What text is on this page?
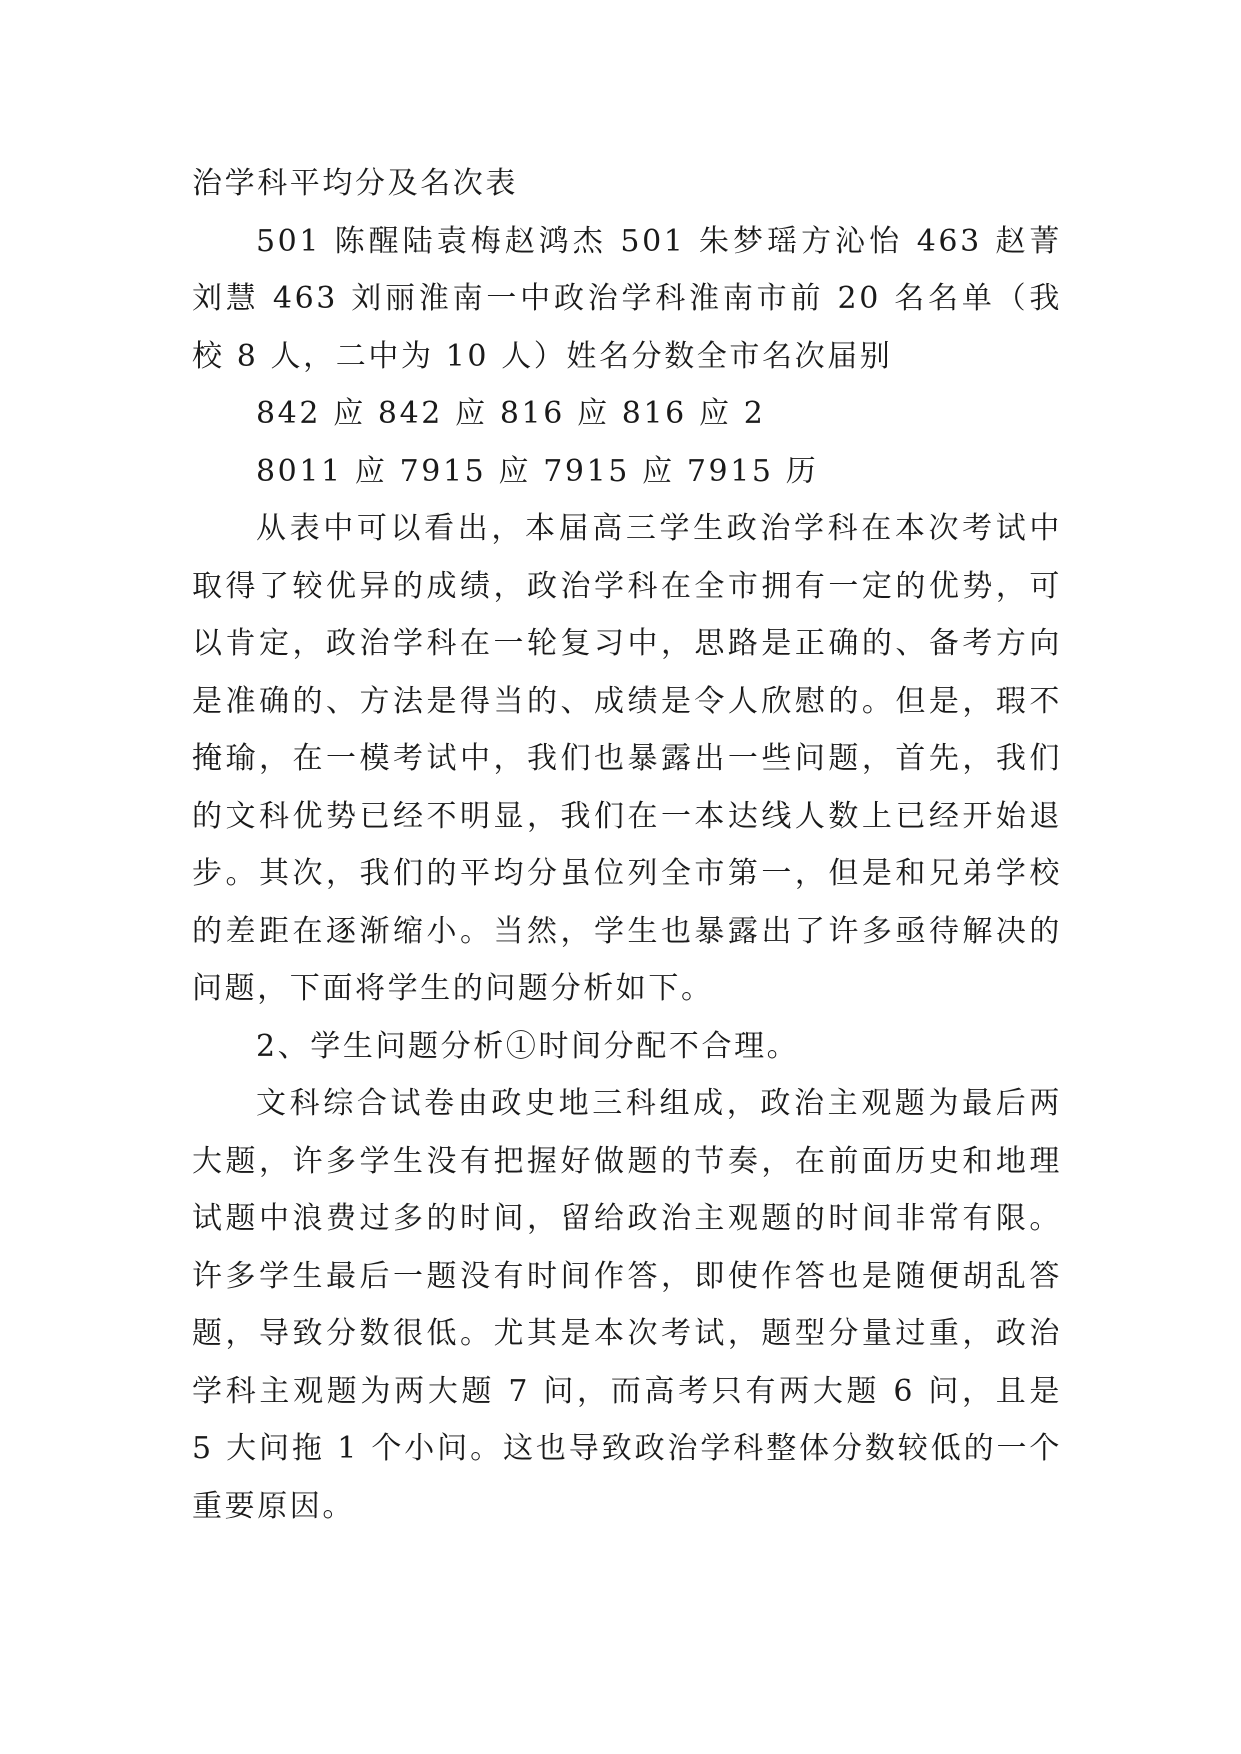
治学科平均分及名次表

501 陈醒陆袁梅赵鸿杰 501 朱梦瑶方沁怡 463 赵菁刘慧 463 刘丽淮南一中政治学科淮南市前 20 名名单（我校 8 人，二中为 10 人）姓名分数全市名次届别

842 应 842 应 816 应 816 应 2

8011 应 7915 应 7915 应 7915 历

从表中可以看出，本届高三学生政治学科在本次考试中取得了较优异的成绩，政治学科在全市拥有一定的优势，可以肯定，政治学科在一轮复习中，思路是正确的、备考方向是准确的、方法是得当的、成绩是令人欣慰的。但是，瑕不掩瑜，在一模考试中，我们也暴露出一些问题，首先，我们的文科优势已经不明显，我们在一本达线人数上已经开始退步。其次，我们的平均分虽位列全市第一，但是和兄弟学校的差距在逐渐缩小。当然，学生也暴露出了许多亟待解决的问题，下面将学生的问题分析如下。

2、学生问题分析①时间分配不合理。

文科综合试卷由政史地三科组成，政治主观题为最后两大题，许多学生没有把握好做题的节奏，在前面历史和地理试题中浪费过多的时间，留给政治主观题的时间非常有限。许多学生最后一题没有时间作答，即使作答也是随便胡乱答题，导致分数很低。尤其是本次考试，题型分量过重，政治学科主观题为两大题 7 问，而高考只有两大题 6 问，且是 5 大问拖 1 个小问。这也导致政治学科整体分数较低的一个重要原因。
